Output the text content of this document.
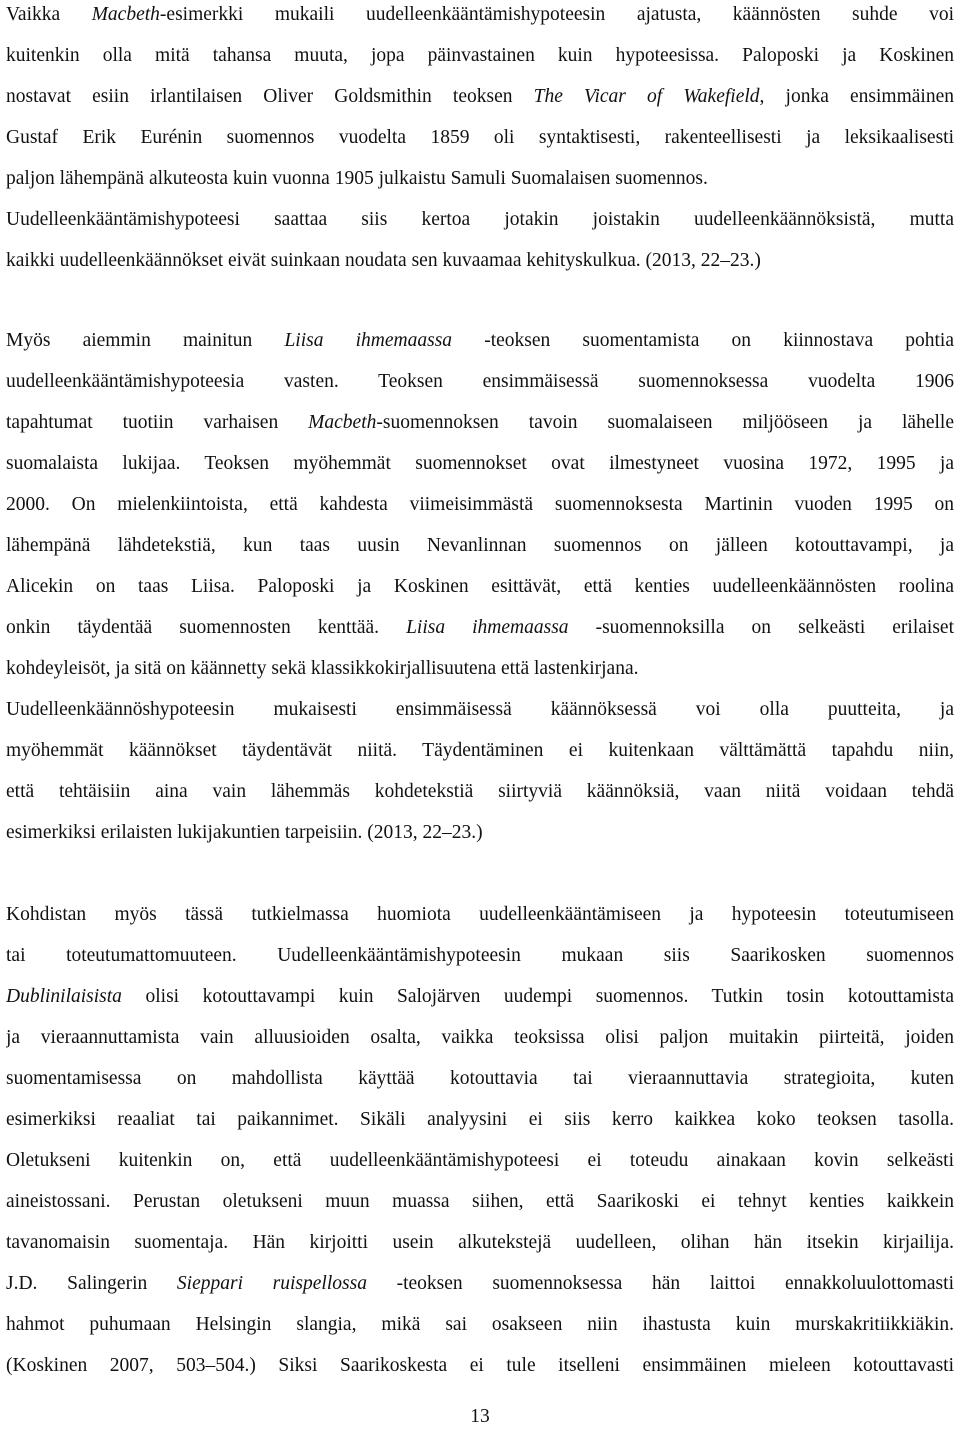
Vaikka Macbeth-esimerkki mukaili uudelleenkääntämishypoteesin ajatusta, käännösten suhde voi
kuitenkin olla mitä tahansa muuta, jopa päinvastainen kuin hypoteesissa. Paloposki ja Koskinen
nostavat esiin irlantilaisen Oliver Goldsmithin teoksen The Vicar of Wakefield, jonka ensimmäinen
Gustaf Erik Eurénin suomennos vuodelta 1859 oli syntaktisesti, rakenteellisesti ja leksikaalisesti
paljon lähempänä alkuteosta kuin vuonna 1905 julkaistu Samuli Suomalaisen suomennos.
Uudelleenkääntämishypoteesi saattaa siis kertoa jotakin joistakin uudelleenkäännöksistä, mutta
kaikki uudelleenkäännökset eivät suinkaan noudata sen kuvaamaa kehityskulkua. (2013, 22–23.)
Myös aiemmin mainitun Liisa ihmemaassa -teoksen suomentamista on kiinnostava pohtia
uudelleenkääntämishypoteesia vasten. Teoksen ensimmäisessä suomennoksessa vuodelta 1906
tapahtumat tuotiin varhaisen Macbeth-suomennoksen tavoin suomalaiseen miljööseen ja lähelle
suomalaista lukijaa. Teoksen myöhemmät suomennokset ovat ilmestyneet vuosina 1972, 1995 ja
2000. On mielenkiintoista, että kahdesta viimeisimmästä suomennoksesta Martinin vuoden 1995 on
lähempänä lähdetekstiä, kun taas uusin Nevanlinnan suomennos on jälleen kotouttavampi, ja
Alicekin on taas Liisa. Paloposki ja Koskinen esittävät, että kenties uudelleenkäännösten roolina
onkin täydentää suomennosten kenttää. Liisa ihmemaassa -suomennoksilla on selkeästi erilaiset
kohdeyleisöt, ja sitä on käännetty sekä klassikkokirjallisuutena että lastenkirjana.
Uudelleenkäännöshypoteesin mukaisesti ensimmäisessä käännöksessä voi olla puutteita, ja
myöhemmät käännökset täydentävät niitä. Täydentäminen ei kuitenkaan välttämättä tapahdu niin,
että tehtäisiin aina vain lähemmäs kohdetekstiä siirtyviä käännöksiä, vaan niitä voidaan tehdä
esimerkiksi erilaisten lukijakuntien tarpeisiin. (2013, 22–23.)
Kohdistan myös tässä tutkielmassa huomiota uudelleenkääntämiseen ja hypoteesin toteutumiseen
tai toteutumattomuuteen. Uudelleenkääntämishypoteesin mukaan siis Saarikosken suomennos
Dublinilaisista olisi kotouttavampi kuin Salojärven uudempi suomennos. Tutkin tosin kotouttamista
ja vieraannuttamista vain alluusioiden osalta, vaikka teoksissa olisi paljon muitakin piirteitä, joiden
suomentamisessa on mahdollista käyttää kotouttavia tai vieraannuttavia strategioita, kuten
esimerkiksi reaaliat tai paikannimet. Sikäli analyysini ei siis kerro kaikkea koko teoksen tasolla.
Oletukseni kuitenkin on, että uudelleenkääntämishypoteesi ei toteudu ainakaan kovin selkeästi
aineistossani. Perustan oletukseni muun muassa siihen, että Saarikoski ei tehnyt kenties kaikkein
tavanomaisin suomentaja. Hän kirjoitti usein alkutekstejä uudelleen, olihan hän itsekin kirjailija.
J.D. Salingerin Sieppari ruispellossa -teoksen suomennoksessa hän laittoi ennakkoluulottomasti
hahmot puhumaan Helsingin slangia, mikä sai osakseen niin ihastusta kuin murskakritiikkiäkin.
(Koskinen 2007, 503–504.) Siksi Saarikoskesta ei tule itselleni ensimmäinen mieleen kotouttavasti
13
